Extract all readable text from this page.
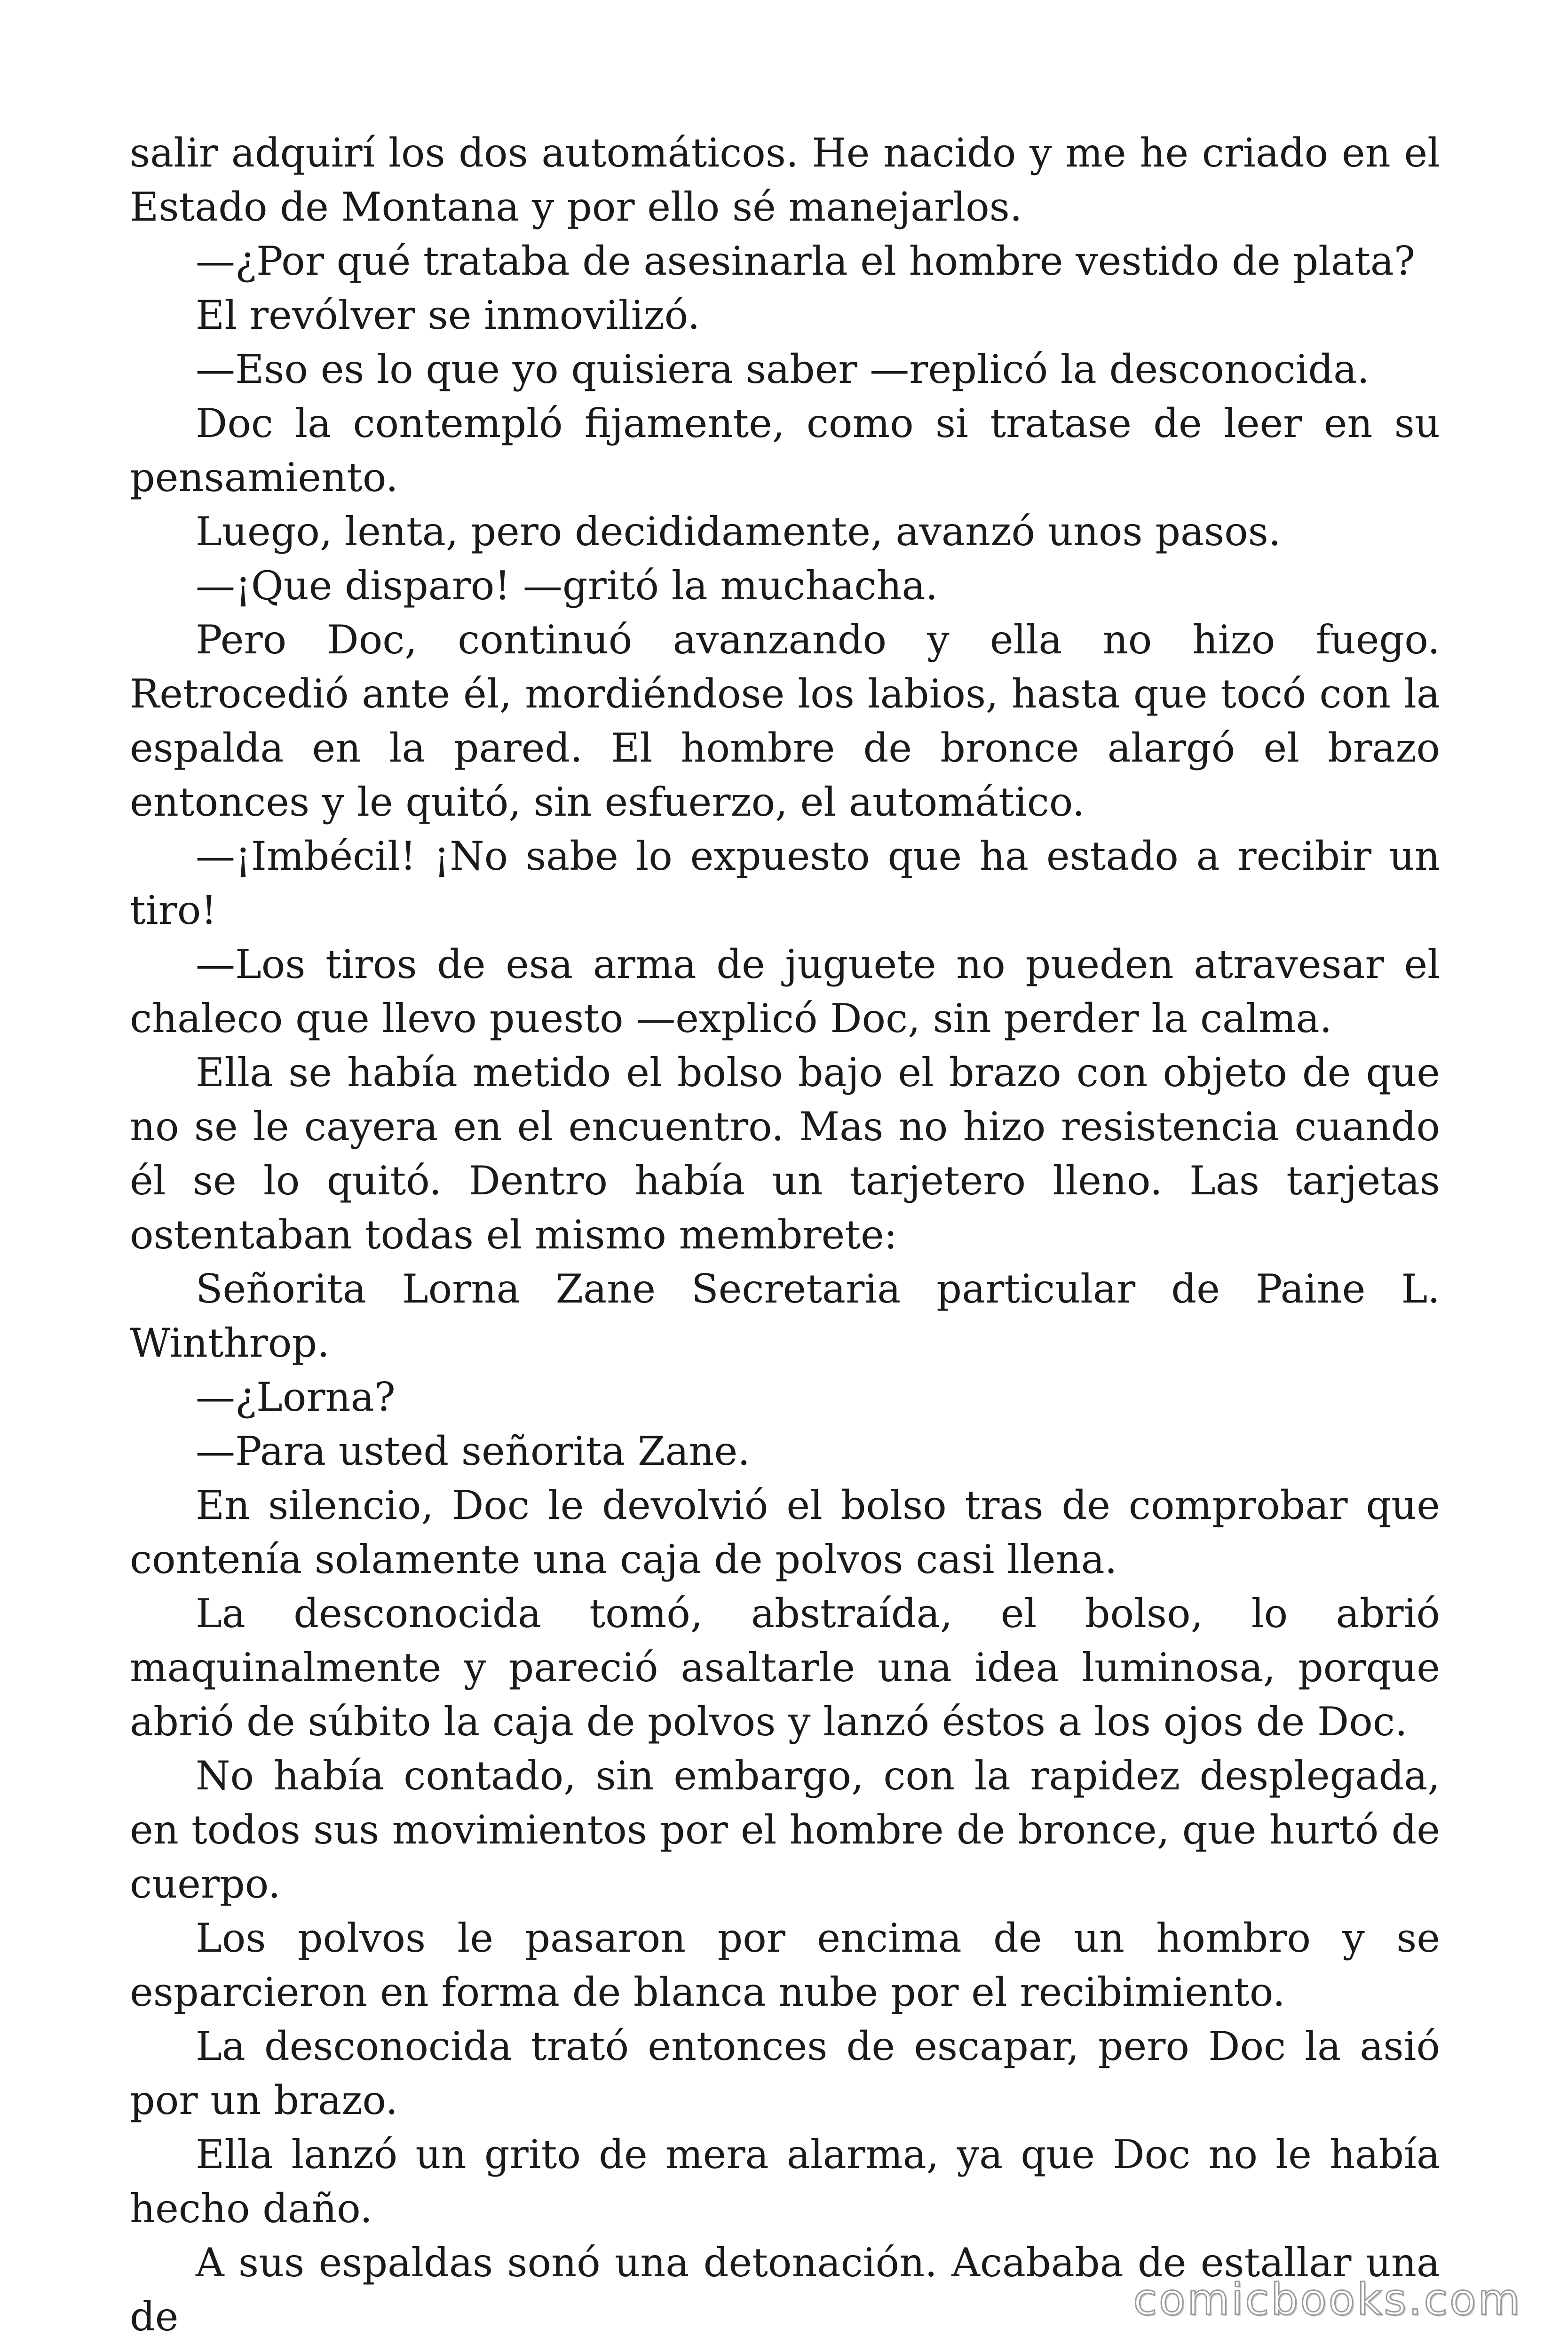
salir adquirí los dos automáticos. He nacido y me he criado en el Estado de Montana y por ello sé manejarlos.

—¿Por qué trataba de asesinarla el hombre vestido de plata?

El revólver se inmovilizó.

—Eso es lo que yo quisiera saber —replicó la desconocida.

Doc la contempló fijamente, como si tratase de leer en su pensamiento.

Luego, lenta, pero decididamente, avanzó unos pasos.

—¡Que disparo! —gritó la muchacha.

Pero Doc, continuó avanzando y ella no hizo fuego. Retrocedió ante él, mordiéndose los labios, hasta que tocó con la espalda en la pared. El hombre de bronce alargó el brazo entonces y le quitó, sin esfuerzo, el automático.

—¡Imbécil! ¡No sabe lo expuesto que ha estado a recibir un tiro!

—Los tiros de esa arma de juguete no pueden atravesar el chaleco que llevo puesto —explicó Doc, sin perder la calma.

Ella se había metido el bolso bajo el brazo con objeto de que no se le cayera en el encuentro. Mas no hizo resistencia cuando él se lo quitó. Dentro había un tarjetero lleno. Las tarjetas ostentaban todas el mismo membrete:

Señorita Lorna Zane Secretaria particular de Paine L. Winthrop.

—¿Lorna?

—Para usted señorita Zane.

En silencio, Doc le devolvió el bolso tras de comprobar que contenía solamente una caja de polvos casi llena.

La desconocida tomó, abstraída, el bolso, lo abrió maquinalmente y pareció asaltarle una idea luminosa, porque abrió de súbito la caja de polvos y lanzó éstos a los ojos de Doc.

No había contado, sin embargo, con la rapidez desplegada, en todos sus movimientos por el hombre de bronce, que hurtó de cuerpo.

Los polvos le pasaron por encima de un hombro y se esparcieron en forma de blanca nube por el recibimiento.

La desconocida trató entonces de escapar, pero Doc la asió por un brazo.

Ella lanzó un grito de mera alarma, ya que Doc no le había hecho daño.

A sus espaldas sonó una detonación. Acababa de estallar una de	comicbooks.com
